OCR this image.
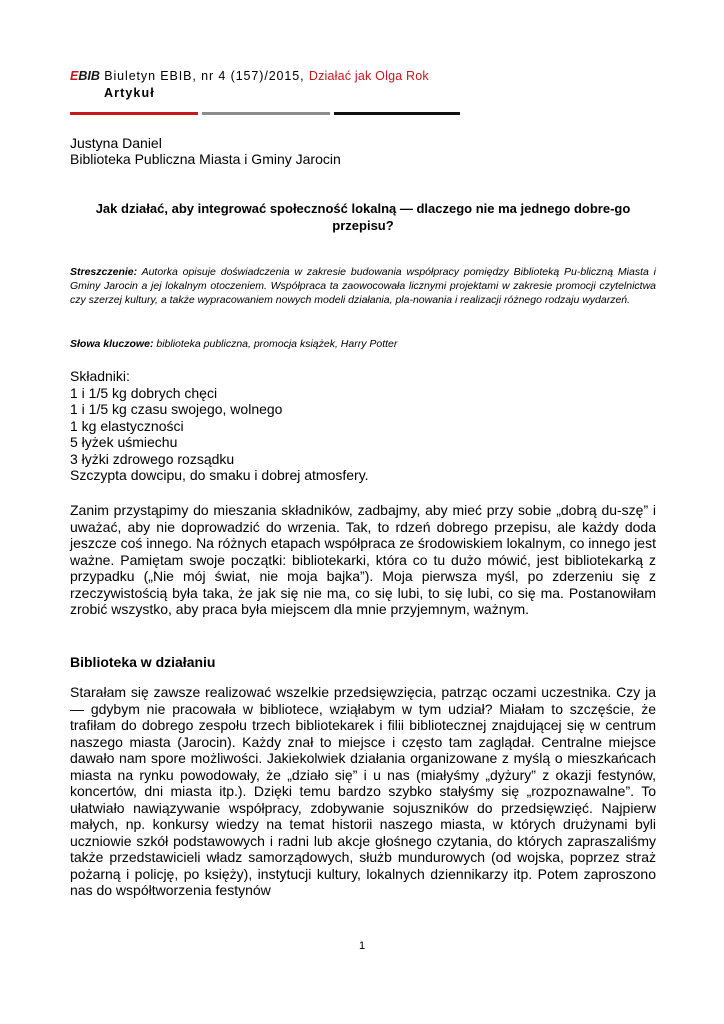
EBIB Biuletyn EBIB, nr 4 (157)/2015, Działać jak Olga Rok
Artykuł
Justyna Daniel
Biblioteka Publiczna Miasta i Gminy Jarocin
Jak działać, aby integrować społeczność lokalną — dlaczego nie ma jednego dobre-go przepisu?
Streszczenie: Autorka opisuje doświadczenia w zakresie budowania współpracy pomiędzy Biblioteką Pu-bliczną Miasta i Gminy Jarocin a jej lokalnym otoczeniem. Współpraca ta zaowocowała licznymi projektami w zakresie promocji czytelnictwa czy szerzej kultury, a także wypracowaniem nowych modeli działania, pla-nowania i realizacji różnego rodzaju wydarzeń.
Słowa kluczowe: biblioteka publiczna, promocja książek, Harry Potter
Składniki:
1 i 1/5 kg dobrych chęci
1 i 1/5 kg czasu swojego, wolnego
1 kg elastyczności
5 łyżek uśmiechu
3 łyżki zdrowego rozsądku
Szczypta dowcipu, do smaku i dobrej atmosfery.
Zanim przystąpimy do mieszania składników, zadbajmy, aby mieć przy sobie „dobrą du-szę” i uważać, aby nie doprowadzić do wrzenia. Tak, to rdzeń dobrego przepisu, ale każdy doda jeszcze coś innego. Na różnych etapach współpraca ze środowiskiem lokalnym, co innego jest ważne. Pamiętam swoje początki: bibliotekarki, która co tu dużo mówić, jest bibliotekarką z przypadku („Nie mój świat, nie moja bajka”). Moja pierwsza myśl, po zderzeniu się z rzeczywistością była taka, że jak się nie ma, co się lubi, to się lubi, co się ma. Postanowiłam zrobić wszystko, aby praca była miejscem dla mnie przyjemnym, ważnym.
Biblioteka w działaniu
Starałam się zawsze realizować wszelkie przedsięwzięcia, patrząc oczami uczestnika. Czy ja — gdybym nie pracowała w bibliotece, wziąłabym w tym udział? Miałam to szczęście, że trafiłam do dobrego zespołu trzech bibliotekarek i filii bibliotecznej znajdującej się w centrum naszego miasta (Jarocin). Każdy znał to miejsce i często tam zaglądał. Centralne miejsce dawało nam spore możliwości. Jakiekolwiek działania organizowane z myślą o mieszkańcach miasta na rynku powodowały, że „działo się” i u nas (miałyśmy „dyżury” z okazji festynów, koncertów, dni miasta itp.). Dzięki temu bardzo szybko stałyśmy się „rozpoznawalne”. To ułatwiało nawiązywanie współpracy, zdobywanie sojuszników do przedsięwzięć. Najpierw małych, np. konkursy wiedzy na temat historii naszego miasta, w których drużynami byli uczniowie szkół podstawowych i radni lub akcje głośnego czytania, do których zapraszaliśmy także przedstawicieli władz samorządowych, służb mundurowych (od wojska, poprzez straż pożarną i policję, po księży), instytucji kultury, lokalnych dziennikarzy itp. Potem zaproszono nas do współtworzenia festynów
1
